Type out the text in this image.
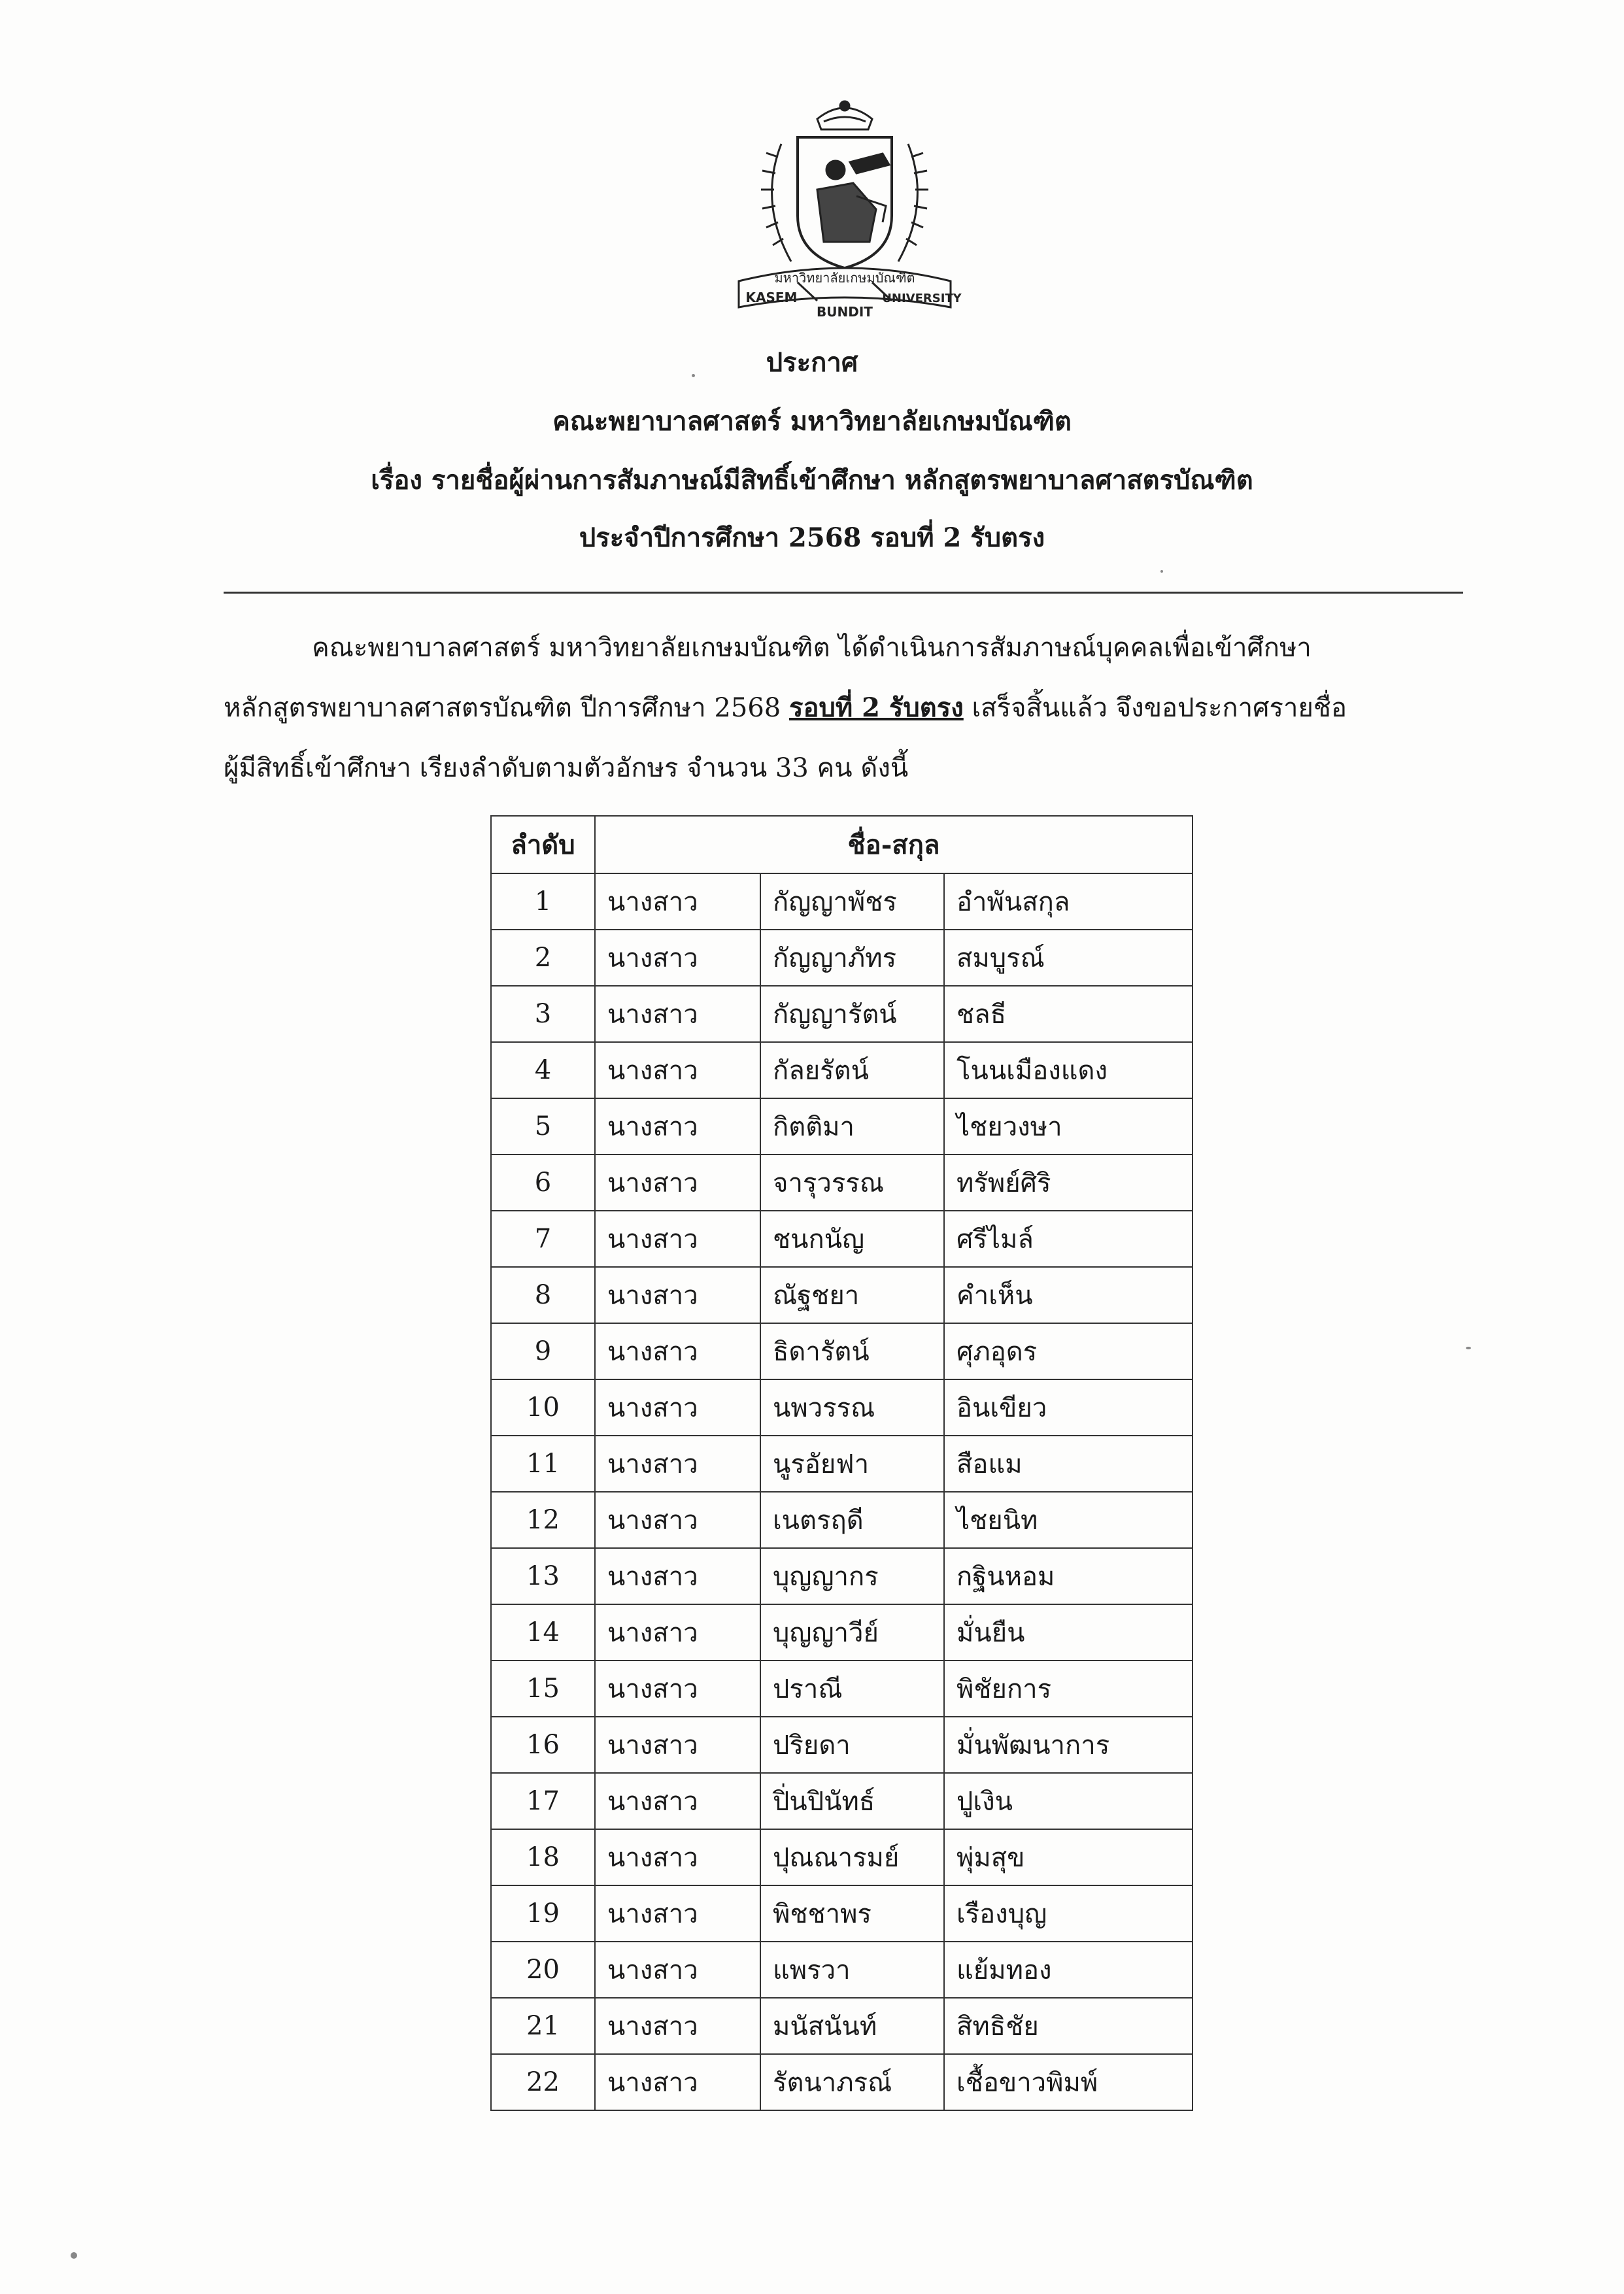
มหาวิทยาลัยเกษมบัณฑิต
KASEM
BUNDIT
UNIVERSITY
ประกาศ
คณะพยาบาลศาสตร์ มหาวิทยาลัยเกษมบัณฑิต
เรื่อง รายชื่อผู้ผ่านการสัมภาษณ์มีสิทธิ์เข้าศึกษา หลักสูตรพยาบาลศาสตรบัณฑิต
ประจำปีการศึกษา 2568 รอบที่ 2 รับตรง
คณะพยาบาลศาสตร์ มหาวิทยาลัยเกษมบัณฑิต ได้ดำเนินการสัมภาษณ์บุคคลเพื่อเข้าศึกษา
หลักสูตรพยาบาลศาสตรบัณฑิต ปีการศึกษา 2568 รอบที่ 2 รับตรง เสร็จสิ้นแล้ว จึงขอประกาศรายชื่อ
ผู้มีสิทธิ์เข้าศึกษา เรียงลำดับตามตัวอักษร จำนวน 33 คน ดังนี้
ลำดับ	ชื่อ-สกุล		
1	นางสาว	กัญญาพัชร	อำพันสกุล
2	นางสาว	กัญญาภัทร	สมบูรณ์
3	นางสาว	กัญญารัตน์	ชลธี
4	นางสาว	กัลยรัตน์	โนนเมืองแดง
5	นางสาว	กิตติมา	ไชยวงษา
6	นางสาว	จารุวรรณ	ทรัพย์ศิริ
7	นางสาว	ชนกนัญ	ศรีไมล์
8	นางสาว	ณัฐชยา	คำเห็น
9	นางสาว	ธิดารัตน์	ศุภอุดร
10	นางสาว	นพวรรณ	อินเขียว
11	นางสาว	นูรอัยฟา	สือแม
12	นางสาว	เนตรฤดี	ไชยนิท
13	นางสาว	บุญญากร	กฐินหอม
14	นางสาว	บุญญาวีย์	มั่นยืน
15	นางสาว	ปราณี	พิชัยการ
16	นางสาว	ปริยดา	มั่นพัฒนาการ
17	นางสาว	ปิ่นปินัทธ์	ปูเงิน
18	นางสาว	ปุณณารมย์	พุ่มสุข
19	นางสาว	พิชชาพร	เรืองบุญ
20	นางสาว	แพรวา	แย้มทอง
21	นางสาว	มนัสนันท์	สิทธิชัย
22	นางสาว	รัตนาภรณ์	เชื้อขาวพิมพ์
